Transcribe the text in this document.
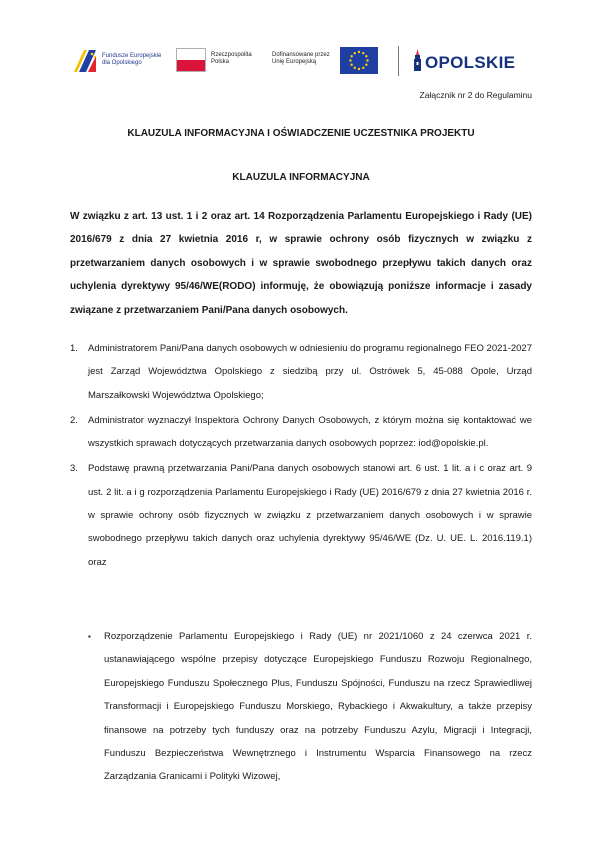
Fundusze Europejskie
dla Opolskiego
Rzeczpospolita
Polska
Dofinansowane przez
Unię Europejską	OPOLSKIE
Załącznik nr 2 do Regulaminu
KLAUZULA INFORMACYJNA I OŚWIADCZENIE UCZESTNIKA PROJEKTU
KLAUZULA INFORMACYJNA

W związku z art. 13 ust. 1 i 2 oraz art. 14 Rozporządzenia Parlamentu Europejskiego i Rady (UE) 2016/679 z dnia 27 kwietnia 2016 r, w sprawie ochrony osób fizycznych w związku z przetwarzaniem danych osobowych i w sprawie swobodnego przepływu takich danych oraz uchylenia dyrektywy 95/46/WE(RODO) informuję, że obowiązują poniższe informacje i zasady związane z przetwarzaniem Pani/Pana danych osobowych.

1. Administratorem Pani/Pana danych osobowych w odniesieniu do programu regionalnego FEO 2021-2027 jest Zarząd Województwa Opolskiego z siedzibą przy ul. Ostrówek 5, 45-088 Opole, Urząd Marszałkowski Województwa Opolskiego;
2. Administrator wyznaczył Inspektora Ochrony Danych Osobowych, z którym można się kontaktować we wszystkich sprawach dotyczących przetwarzania danych osobowych poprzez: iod@opolskie.pl.
3. Podstawę prawną przetwarzania Pani/Pana danych osobowych stanowi art. 6 ust. 1 lit. a i c oraz art. 9 ust. 2 lit. a i g rozporządzenia Parlamentu Europejskiego i Rady (UE) 2016/679 z dnia 27 kwietnia 2016 r. w sprawie ochrony osób fizycznych w związku z przetwarzaniem danych osobowych i w sprawie swobodnego przepływu takich danych oraz uchylenia dyrektywy 95/46/WE (Dz. U. UE. L. 2016.119.1) oraz
▪ Rozporządzenie Parlamentu Europejskiego i Rady (UE) nr 2021/1060 z 24 czerwca 2021 r. ustanawiającego wspólne przepisy dotyczące Europejskiego Funduszu Rozwoju Regionalnego, Europejskiego Funduszu Społecznego Plus, Funduszu Spójności, Funduszu na rzecz Sprawiedliwej Transformacji i Europejskiego Funduszu Morskiego, Rybackiego i Akwakultury, a także przepisy finansowe na potrzeby tych funduszy oraz na potrzeby Funduszu Azylu, Migracji i Integracji, Funduszu Bezpieczeństwa Wewnętrznego i Instrumentu Wsparcia Finansowego na rzecz Zarządzania Granicami i Polityki Wizowej,
